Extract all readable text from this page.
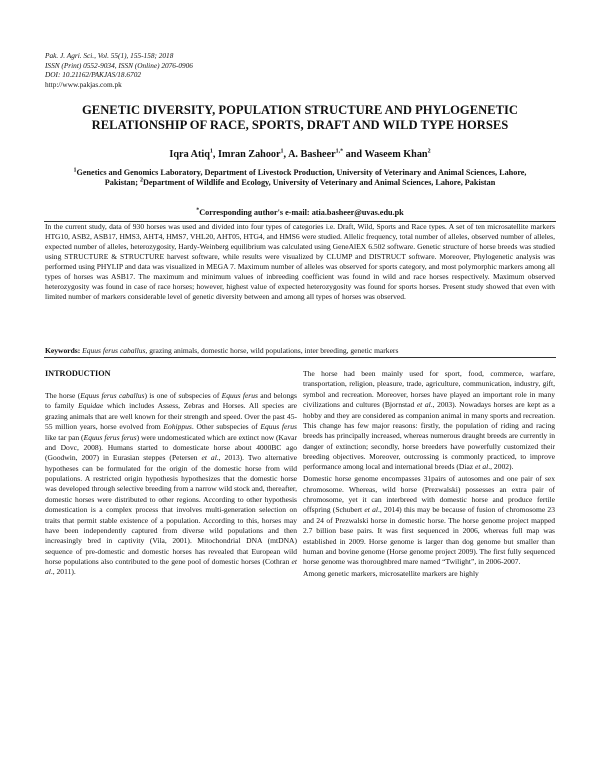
Pak. J. Agri. Sci., Vol. 55(1), 155-158; 2018
ISSN (Print) 0552-9034, ISSN (Online) 2076-0906
DOI: 10.21162/PAKJAS/18.6702
http://www.pakjas.com.pk
GENETIC DIVERSITY, POPULATION STRUCTURE AND PHYLOGENETIC
RELATIONSHIP OF RACE, SPORTS, DRAFT AND WILD TYPE HORSES
Iqra Atiq$^1$, Imran Zahoor$^1$, A. Basheer$^{1,*}$ and Waseem Khan$^2$
$^1$Genetics and Genomics Laboratory, Department of Livestock Production, University of Veterinary and Animal Sciences, Lahore, Pakistan; $^2$Department of Wildlife and Ecology, University of Veterinary and Animal Sciences, Lahore, Pakistan
*Corresponding author's e-mail: atia.basheer@uvas.edu.pk
In the current study, data of 930 horses was used and divided into four types of categories i.e. Draft, Wild, Sports and Race types. A set of ten microsatellite markers HTG10, ASB2, ASB17, HMS3, AHT4, HMS7, VHL20, AHT05, HTG4, and HMS6 were studied. Allelic frequency, total number of alleles, observed number of alleles, expected number of alleles, heterozygosity, Hardy-Weinberg equilibrium was calculated using GeneAlEX 6.502 software. Genetic structure of horse breeds was studied using STRUCTURE & STRUCTURE harvest software, while results were visualized by CLUMP and DISTRUCT software. Moreover, Phylogenetic analysis was performed using PHYLIP and data was visualized in MEGA 7. Maximum number of alleles was observed for sports category, and most polymorphic markers among all types of horses was ASB17. The maximum and minimum values of inbreeding coefficient was found in wild and race horses respectively. Maximum observed heterozygosity was found in case of race horses; however, highest value of expected heterozygosity was found for sports horses. Present study showed that even with limited number of markers considerable level of genetic diversity between and among all types of horses was observed.
Keywords: Equus ferus caballus, grazing animals, domestic horse, wild populations, inter breeding, genetic markers
INTRODUCTION

The horse (Equus ferus caballus) is one of subspecies of Equus ferus and belongs to family Equidae which includes Assess, Zebras and Horses. All species are grazing animals that are well known for their strength and speed. Over the past 45-55 million years, horse evolved from Eohippus. Other subspecies of Equus ferus like tar pan (Equus ferus ferus) were undomesticated which are extinct now (Kavar and Dovc, 2008). Humans started to domesticate horse about 4000BC ago (Goodwin, 2007) in Eurasian steppes (Petersen et al., 2013). Two alternative hypotheses can be formulated for the origin of the domestic horse from wild populations. A restricted origin hypothesis hypothesizes that the domestic horse was developed through selective breeding from a narrow wild stock and, thereafter, domestic horses were distributed to other regions. According to other hypothesis domestication is a complex process that involves multi-generation selection on traits that permit stable existence of a population. According to this, horses may have been independently captured from diverse wild populations and then increasingly bred in captivity (Vila, 2001). Mitochondrial DNA (mtDNA) sequence of pre-domestic and domestic horses has revealed that European wild horse populations also contributed to the gene pool of domestic horses (Cothran et al., 2011).

The horse had been mainly used for sport, food, commerce, warfare, transportation, religion, pleasure, trade, agriculture, communication, industry, gift, symbol and recreation. Moreover, horses have played an important role in many civilizations and cultures (Bjornstad et al., 2003). Nowadays horses are kept as a hobby and they are considered as companion animal in many sports and recreation. This change has few major reasons: firstly, the population of riding and racing breeds has principally increased, whereas numerous draught breeds are currently in danger of extinction; secondly, horse breeders have powerfully customized their breeding objectives. Moreover, outcrossing is commonly practiced, to improve performance among local and international breeds (Diaz et al., 2002).

Domestic horse genome encompasses 31pairs of autosomes and one pair of sex chromosome. Whereas, wild horse (Prezwalski) possesses an extra pair of chromosome, yet it can interbreed with domestic horse and produce fertile offspring (Schubert et al., 2014) this may be because of fusion of chromosome 23 and 24 of Prezwalski horse in domestic horse. The horse genome project mapped 2.7 billion base pairs. It was first sequenced in 2006, whereas full map was established in 2009. Horse genome is larger than dog genome but smaller than human and bovine genome (Horse genome project 2009). The first fully sequenced horse genome was thoroughbred mare named “Twilight”, in 2006-2007.

Among genetic markers, microsatellite markers are highly
